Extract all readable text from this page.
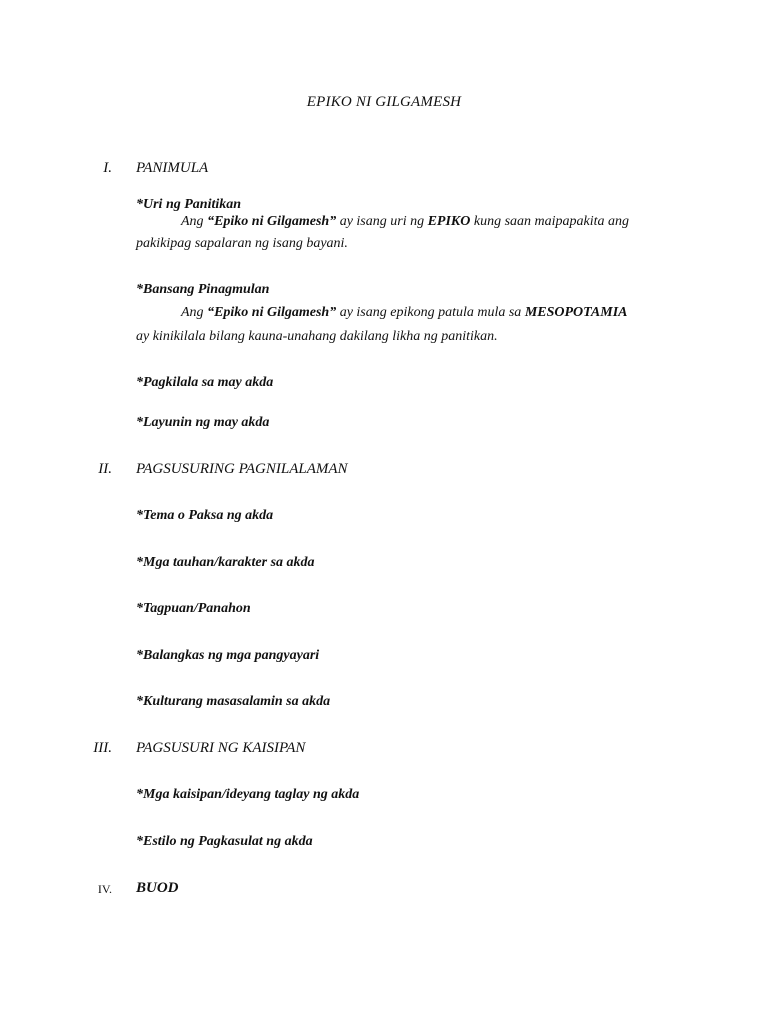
EPIKO NI GILGAMESH
I. PANIMULA
*Uri ng Panitikan
Ang “Epiko ni Gilgamesh” ay isang uri ng EPIKO kung saan maipapakita ang
pakikipag sapalaran ng isang bayani.
*Bansang Pinagmulan
Ang “Epiko ni Gilgamesh” ay isang epikong patula mula sa MESOPOTAMIA
ay kinikilala bilang kauna-unahang dakilang likha ng panitikan.
*Pagkilala sa may akda
*Layunin ng may akda
II. PAGSUSURING PAGNILALAMAN
*Tema o Paksa ng akda
*Mga tauhan/karakter sa akda
*Tagpuan/Panahon
*Balangkas ng mga pangyayari
*Kulturang masasalamin sa akda
III. PAGSUSURI NG KAISIPAN
*Mga kaisipan/ideyang taglay ng akda
*Estilo ng Pagkasulat ng akda
IV. BUOD
